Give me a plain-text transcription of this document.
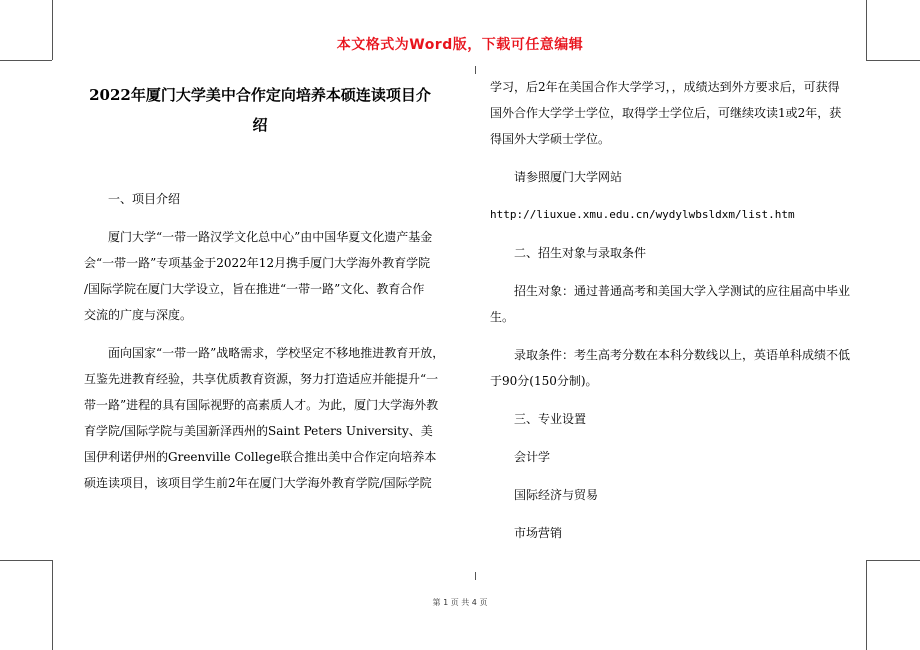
本文格式为Word版，下载可任意编辑
2022年厦门大学美中合作定向培养本硕连读项目介
绍

一、项目介绍

厦门大学“一带一路汉学文化总中心”由中国华夏文化遗产基金

会“一带一路”专项基金于2022年12月携手厦门大学海外教育学院

/国际学院在厦门大学设立，旨在推进“一带一路”文化、教育合作

交流的广度与深度。

面向国家“一带一路”战略需求，学校坚定不移地推进教育开放，

互鉴先进教育经验，共享优质教育资源，努力打造适应并能提升“一

带一路”进程的具有国际视野的高素质人才。为此，厦门大学海外教

育学院/国际学院与美国新泽西州的Saint Peters University、美

国伊利诺伊州的Greenville College联合推出美中合作定向培养本

硕连读项目，该项目学生前2年在厦门大学海外教育学院/国际学院

学习，后2年在美国合作大学学习，，成绩达到外方要求后，可获得

国外合作大学学士学位，取得学士学位后，可继续攻读1或2年，获

得国外大学硕士学位。

请参照厦门大学网站

http://liuxue.xmu.edu.cn/wydylwbsldxm/list.htm

二、招生对象与录取条件

招生对象：通过普通高考和美国大学入学测试的应往届高中毕业

生。

录取条件：考生高考分数在本科分数线以上，英语单科成绩不低

于90分(150分制)。

三、专业设置

会计学

国际经济与贸易

市场营销

第 1 页 共 4 页
